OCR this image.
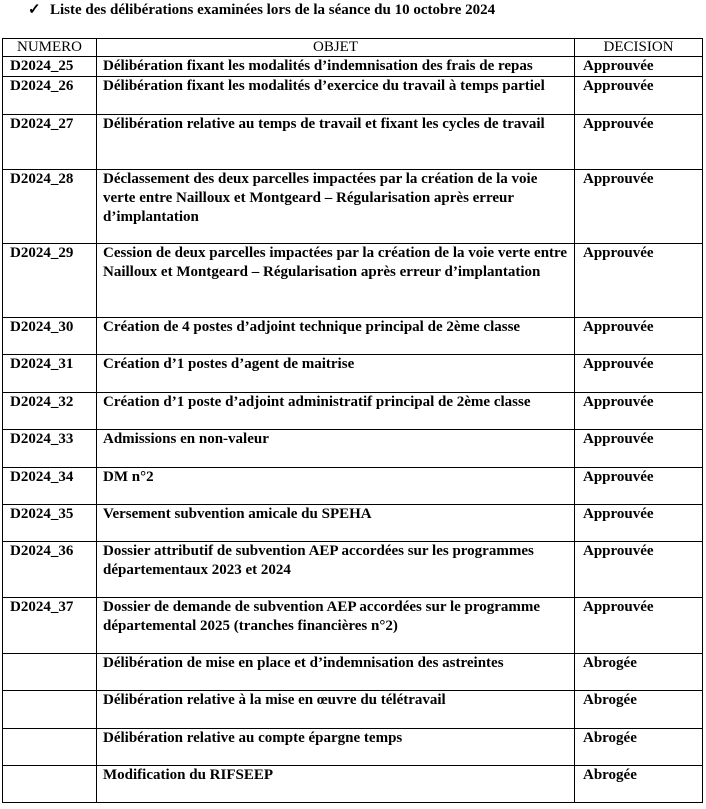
✓ Liste des délibérations examinées lors de la séance du 10 octobre 2024
NUMERO	OBJET	DECISION
D2024_25	Délibération fixant les modalités d’indemnisation des frais de repas	Approuvée
D2024_26	Délibération fixant les modalités d’exercice du travail à temps partiel	Approuvée
D2024_27	Délibération relative au temps de travail et fixant les cycles de travail	Approuvée
D2024_28	Déclassement des deux parcelles impactées par la création de la voie verte entre Nailloux et Montgeard – Régularisation après erreur d’implantation	Approuvée
D2024_29	Cession de deux parcelles impactées par la création de la voie verte entre Nailloux et Montgeard – Régularisation après erreur d’implantation	Approuvée
D2024_30	Création de 4 postes d’adjoint technique principal de 2ème classe	Approuvée
D2024_31	Création d’1 postes d’agent de maitrise	Approuvée
D2024_32	Création d’1 poste d’adjoint administratif principal de 2ème classe	Approuvée
D2024_33	Admissions en non-valeur	Approuvée
D2024_34	DM n°2	Approuvée
D2024_35	Versement subvention amicale du SPEHA	Approuvée
D2024_36	Dossier attributif de subvention AEP accordées sur les programmes départementaux 2023 et 2024	Approuvée
D2024_37	Dossier de demande de subvention AEP accordées sur le programme départemental 2025 (tranches financières n°2)	Approuvée
	Délibération de mise en place et d’indemnisation des astreintes	Abrogée
	Délibération relative à la mise en œuvre du télétravail	Abrogée
	Délibération relative au compte épargne temps	Abrogée
	Modification du RIFSEEP	Abrogée
